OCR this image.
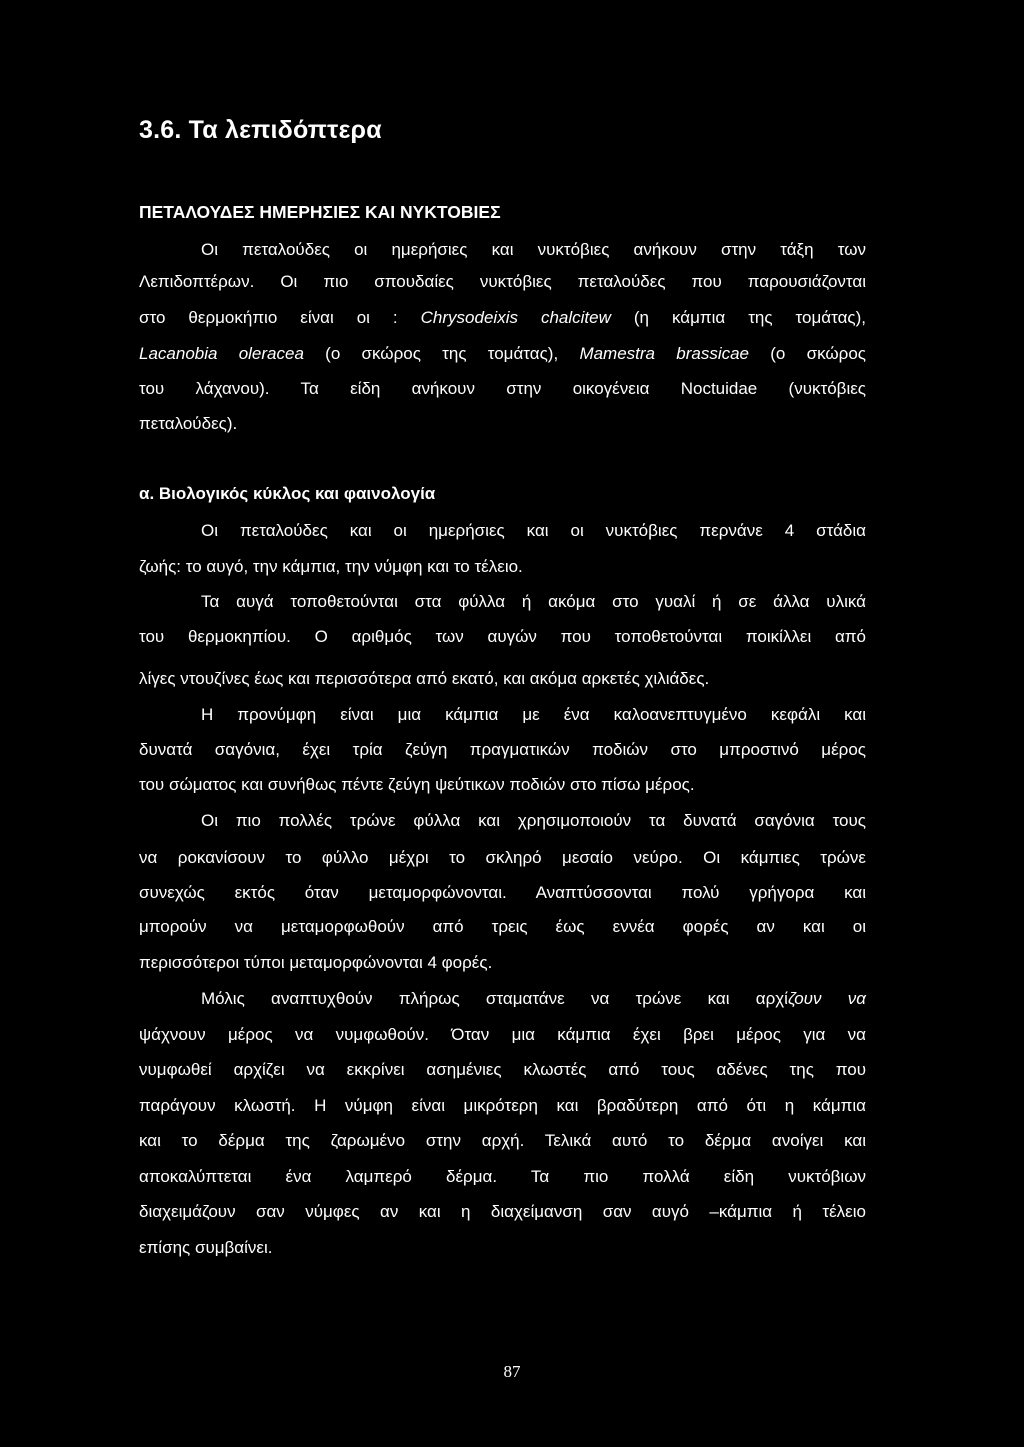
3.6. Τα λεπιδόπτερα
ΠΕΤΑΛΟΥΔΕΣ ΗΜΕΡΗΣΙΕΣ ΚΑΙ ΝΥΚΤΟΒΙΕΣ
Οι πεταλούδες οι ημερήσιες και νυκτόβιες ανήκουν στην τάξη των
Λεπιδοπτέρων. Οι πιο σπουδαίες νυκτόβιες πεταλούδες που παρουσιάζονται
στο θερμοκήπιο είναι οι : Chrysodeixis chalcitew (η κάμπια της τομάτας),
Lacanobia oleracea (ο σκώρος της τομάτας), Mamestra brassicae (ο σκώρος
του λάχανου). Τα είδη ανήκουν στην οικογένεια Noctuidae (νυκτόβιες
πεταλούδες).
α. Βιολογικός κύκλος και φαινολογία
Οι πεταλούδες και οι ημερήσιες και οι νυκτόβιες περνάνε 4 στάδια
ζωής: το αυγό, την κάμπια, την νύμφη και το τέλειο.
Τα αυγά τοποθετούνται στα φύλλα ή ακόμα στο γυαλί ή σε άλλα υλικά
του θερμοκηπίου. Ο αριθμός των αυγών που τοποθετούνται ποικίλλει από
λίγες ντουζίνες έως και περισσότερα από εκατό, και ακόμα αρκετές χιλιάδες.
Η προνύμφη είναι μια κάμπια με ένα καλοανεπτυγμένο κεφάλι και
δυνατά σαγόνια, έχει τρία ζεύγη πραγματικών ποδιών στο μπροστινό μέρος
του σώματος και συνήθως πέντε ζεύγη ψεύτικων ποδιών στο πίσω μέρος.
Οι πιο πολλές τρώνε φύλλα και χρησιμοποιούν τα δυνατά σαγόνια τους
να ροκανίσουν το φύλλο μέχρι το σκληρό μεσαίο νεύρο. Οι κάμπιες τρώνε
συνεχώς εκτός όταν μεταμορφώνονται. Αναπτύσσονται πολύ γρήγορα και
μπορούν να μεταμορφωθούν από τρεις έως εννέα φορές αν και οι
περισσότεροι τύποι μεταμορφώνονται 4 φορές.
Μόλις αναπτυχθούν πλήρως σταματάνε να τρώνε και αρχίζουν να
ψάχνουν μέρος να νυμφωθούν. Όταν μια κάμπια έχει βρει μέρος για να
νυμφωθεί αρχίζει να εκκρίνει ασημένιες κλωστές από τους αδένες της που
παράγουν κλωστή. Η νύμφη είναι μικρότερη και βραδύτερη από ότι η κάμπια
και το δέρμα της ζαρωμένο στην αρχή. Τελικά αυτό το δέρμα ανοίγει και
αποκαλύπτεται ένα λαμπερό δέρμα. Τα πιο πολλά είδη νυκτόβιων
διαχειμάζουν σαν νύμφες αν και η διαχείμανση σαν αυγό –κάμπια ή τέλειο
επίσης συμβαίνει.
87
